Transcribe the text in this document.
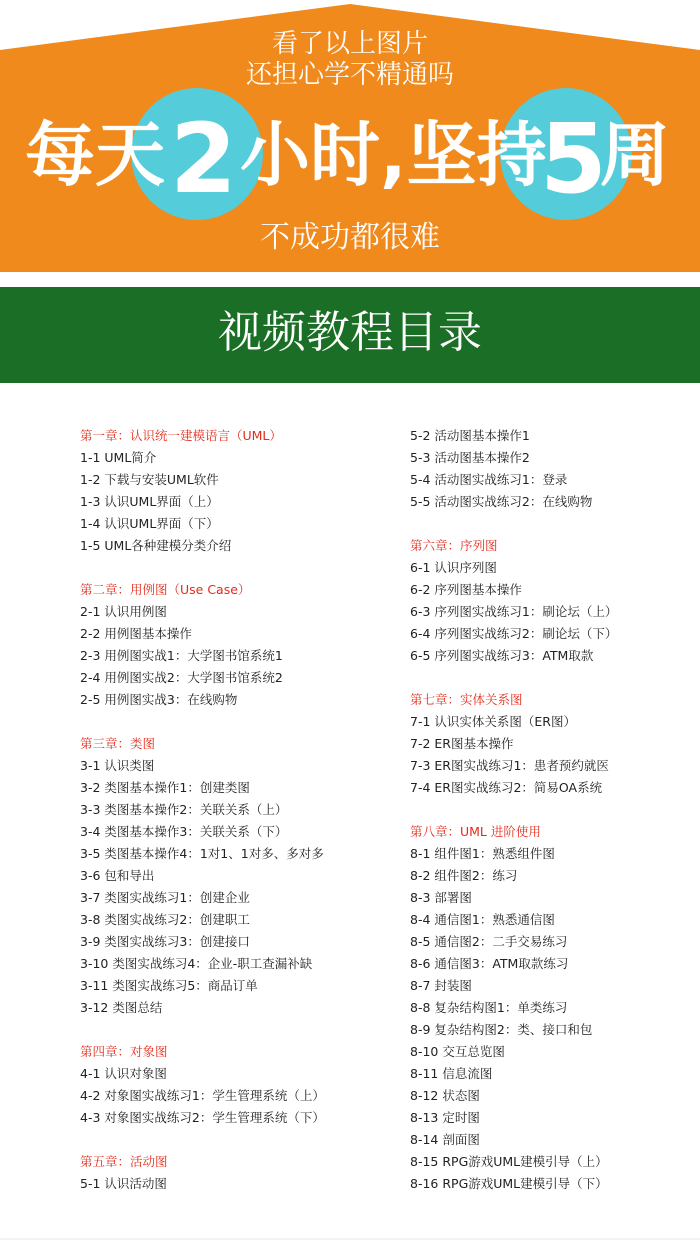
看了以上图片
还担心学不精通吗
每天 2 小时,坚持
5
周
不成功都很难
视频教程目录
第一章：认识统一建模语言（UML）
1-1 UML简介
1-2 下载与安装UML软件
1-3 认识UML界面（上）
1-4 认识UML界面（下）
1-5 UML各种建模分类介绍
第二章：用例图（Use Case）
2-1 认识用例图
2-2 用例图基本操作
2-3 用例图实战1：大学图书馆系统1
2-4 用例图实战2：大学图书馆系统2
2-5 用例图实战3：在线购物
第三章：类图
3-1 认识类图
3-2 类图基本操作1：创建类图
3-3 类图基本操作2：关联关系（上）
3-4 类图基本操作3：关联关系（下）
3-5 类图基本操作4：1对1、1对多、多对多
3-6 包和导出
3-7 类图实战练习1：创建企业
3-8 类图实战练习2：创建职工
3-9 类图实战练习3：创建接口
3-10 类图实战练习4：企业-职工查漏补缺
3-11 类图实战练习5：商品订单
3-12 类图总结
第四章：对象图
4-1 认识对象图
4-2 对象图实战练习1：学生管理系统（上）
4-3 对象图实战练习2：学生管理系统（下）
第五章：活动图
5-1 认识活动图
5-2 活动图基本操作1
5-3 活动图基本操作2
5-4 活动图实战练习1：登录
5-5 活动图实战练习2：在线购物
第六章：序列图
6-1 认识序列图
6-2 序列图基本操作
6-3 序列图实战练习1：刷论坛（上）
6-4 序列图实战练习2：刷论坛（下）
6-5 序列图实战练习3：ATM取款
第七章：实体关系图
7-1 认识实体关系图（ER图）
7-2 ER图基本操作
7-3 ER图实战练习1：患者预约就医
7-4 ER图实战练习2：简易OA系统
第八章：UML 进阶使用
8-1 组件图1：熟悉组件图
8-2 组件图2：练习
8-3 部署图
8-4 通信图1：熟悉通信图
8-5 通信图2：二手交易练习
8-6 通信图3：ATM取款练习
8-7 封装图
8-8 复杂结构图1：单类练习
8-9 复杂结构图2：类、接口和包
8-10 交互总览图
8-11 信息流图
8-12 状态图
8-13 定时图
8-14 剖面图
8-15 RPG游戏UML建模引导（上）
8-16 RPG游戏UML建模引导（下）
